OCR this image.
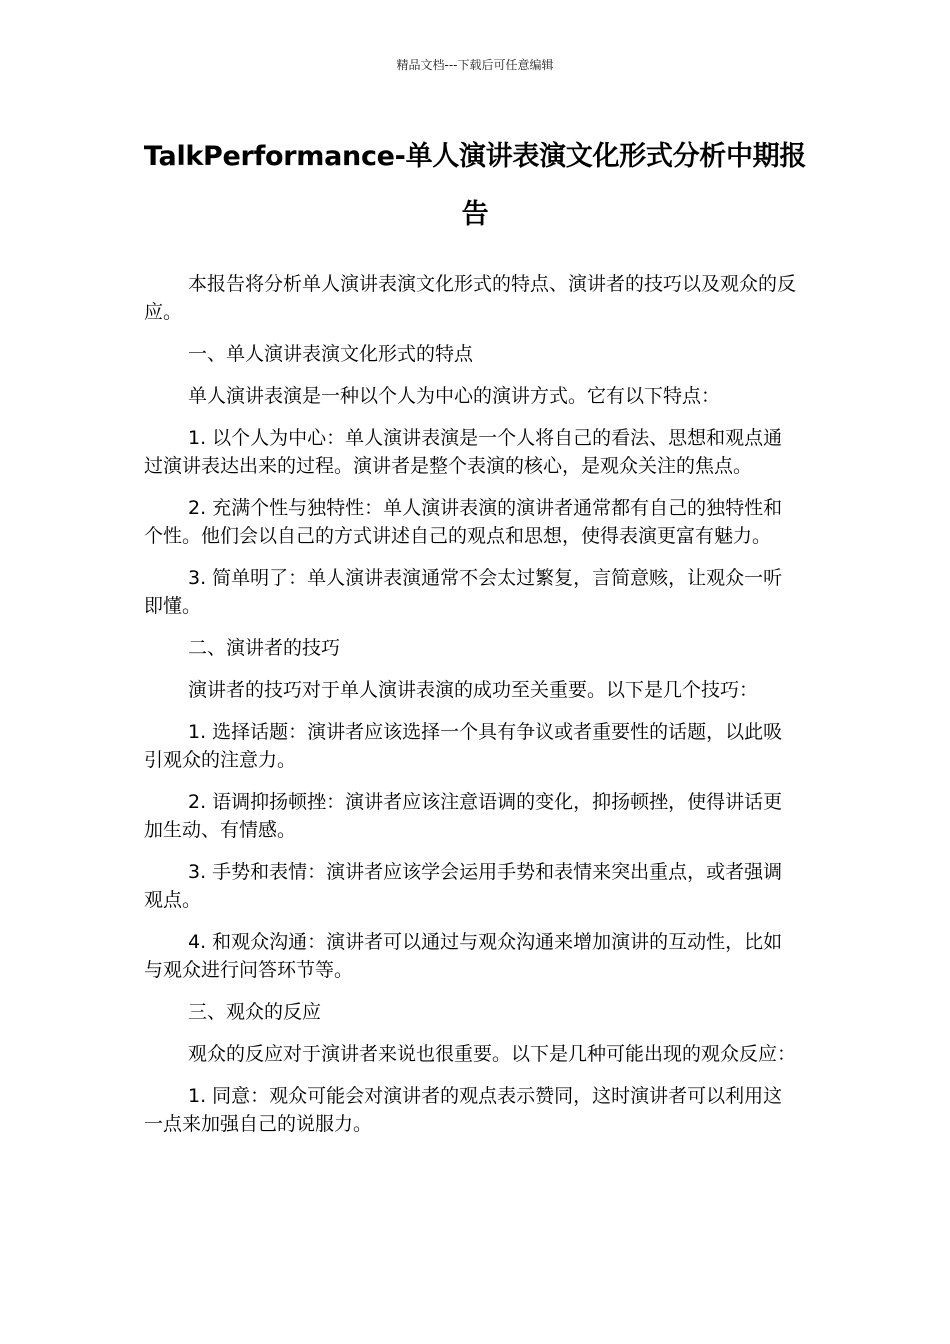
精品文档---下载后可任意编辑
TalkPerformance-单人演讲表演文化形式分析中期报告

本报告将分析单人演讲表演文化形式的特点、演讲者的技巧以及观众的反应。

一、单人演讲表演文化形式的特点

单人演讲表演是一种以个人为中心的演讲方式。它有以下特点：

1. 以个人为中心：单人演讲表演是一个人将自己的看法、思想和观点通过演讲表达出来的过程。演讲者是整个表演的核心，是观众关注的焦点。

2. 充满个性与独特性：单人演讲表演的演讲者通常都有自己的独特性和个性。他们会以自己的方式讲述自己的观点和思想，使得表演更富有魅力。

3. 简单明了：单人演讲表演通常不会太过繁复，言简意赅，让观众一听即懂。

二、演讲者的技巧

演讲者的技巧对于单人演讲表演的成功至关重要。以下是几个技巧：

1. 选择话题：演讲者应该选择一个具有争议或者重要性的话题，以此吸引观众的注意力。

2. 语调抑扬顿挫：演讲者应该注意语调的变化，抑扬顿挫，使得讲话更加生动、有情感。

3. 手势和表情：演讲者应该学会运用手势和表情来突出重点，或者强调观点。

4. 和观众沟通：演讲者可以通过与观众沟通来增加演讲的互动性，比如与观众进行问答环节等。

三、观众的反应

观众的反应对于演讲者来说也很重要。以下是几种可能出现的观众反应：

1. 同意：观众可能会对演讲者的观点表示赞同，这时演讲者可以利用这一点来加强自己的说服力。
